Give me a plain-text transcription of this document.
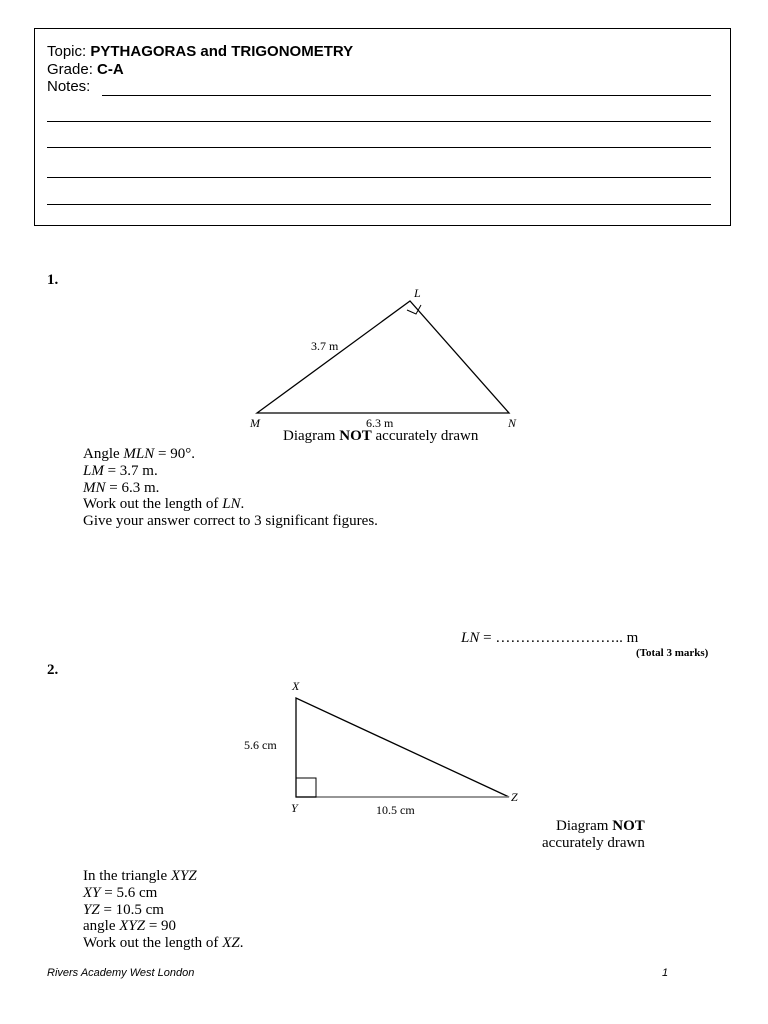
Topic: PYTHAGORAS and TRIGONOMETRY
Grade: C-A
Notes:
1.
L
M	N
3.7 m
6.3 m
Diagram NOT accurately drawn
Angle MLN = 90°.
LM = 3.7 m.
MN = 6.3 m.
Work out the length of LN.
Give your answer correct to 3 significant figures.
LN = …………………….. m
(Total 3 marks)
2.
X
Y
Z
5.6 cm
10.5 cm
Diagram NOT
accurately drawn
In the triangle XYZ
XY = 5.6 cm
YZ = 10.5 cm
angle XYZ = 90
Work out the length of XZ.
Rivers Academy West London	1
